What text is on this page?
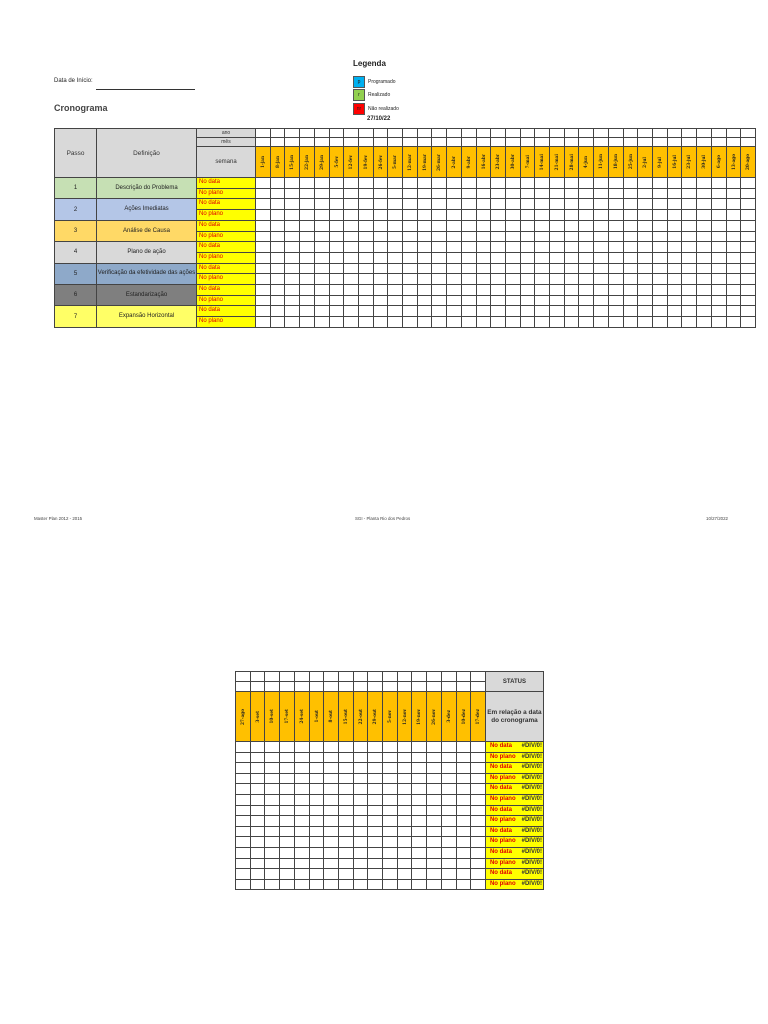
Data de Início:
Cronograma
Legenda
p	Programado
r	Realizado
nr	Não realizado
27/10/22
Passo	Definição	ano																																		
		mês																																		
		semana	1-jan	8-jan	15-jan	22-jan	29-jan	5-fev	12-fev	19-fev	26-fev	5-mar	12-mar	19-mar	26-mar	2-abr	9-abr	16-abr	23-abr	30-abr	7-mai	14-mai	21-mai	28-mai	4-jun	11-jun	18-jun	25-jun	2-jul	9-jul	16-jul	23-jul	30-jul	6-ago	13-ago	20-ago

1	Descrição do Problema	No data																																		
		No plano																																		
2	Ações Imediatas	No data																																		
		No plano																																		
3	Análise de Causa	No data																																		
		No plano																																		
4	Plano de ação	No data																																		
		No plano																																		
5	Verificação da efetividade das ações	No data																																		
		No plano																																		
6	Estandarização	No data																																		
		No plano																																		
7	Expansão Horizontal	No data																																		
		No plano																																		
Master Plan 2012 - 2015	SGI - Planta Rio dos Pedros	10/27/2022
																	STATUS

27-ago	3-set	10-set	17-set	24-set	1-out	8-out	15-out	22-out	29-out	5-nov	12-nov	19-nov	26-nov	3-dez	10-dez	17-dez	Em relação a data do cronograma
																	No data #DIV/0!

																	No plano #DIV/0!

																	No data #DIV/0!

																	No plano #DIV/0!

																	No data #DIV/0!

																	No plano #DIV/0!

																	No data #DIV/0!

																	No plano #DIV/0!

																	No data #DIV/0!

																	No plano #DIV/0!

																	No data #DIV/0!

																	No plano #DIV/0!

																	No data #DIV/0!

																	No plano #DIV/0!
